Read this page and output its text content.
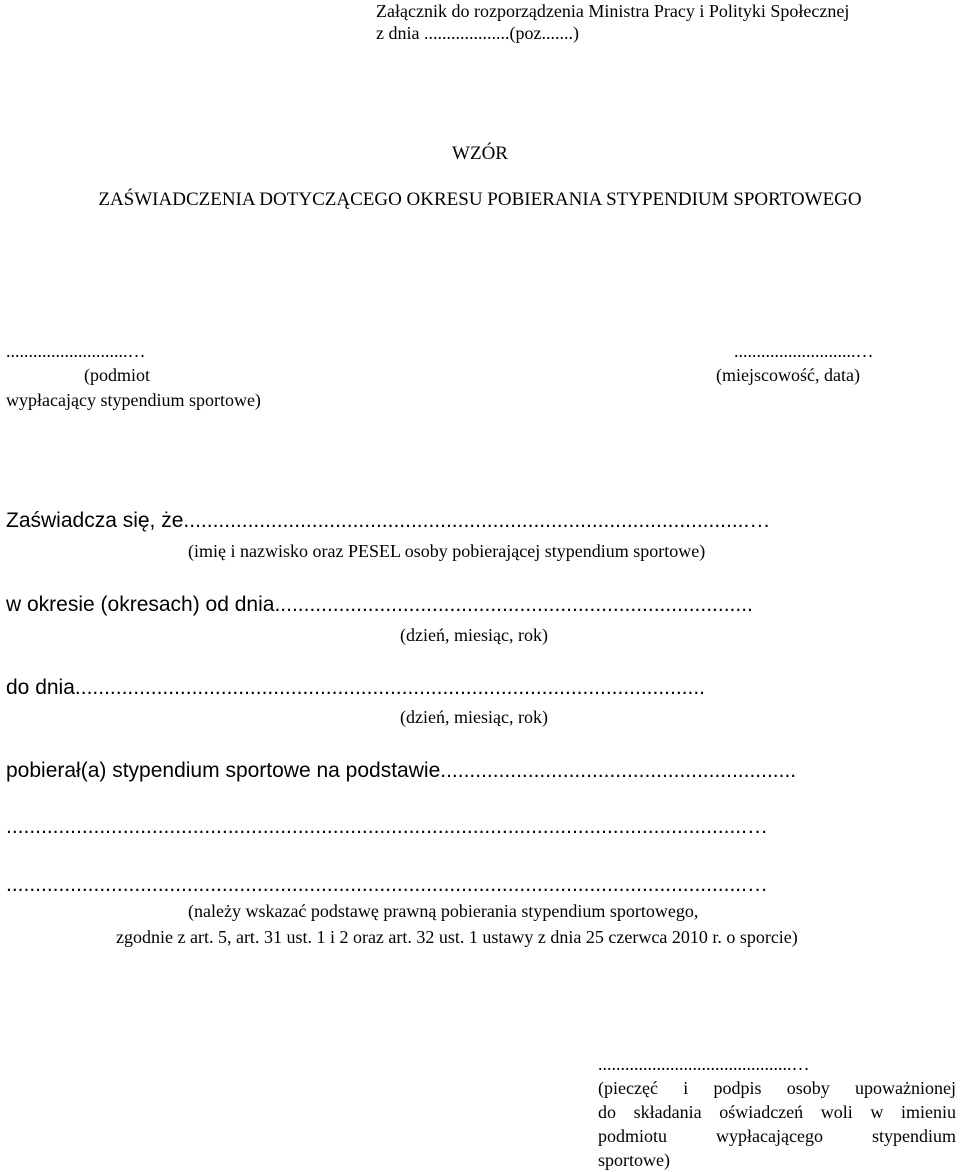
Załącznik do rozporządzenia Ministra Pracy i Polityki Społecznej
z dnia ...................(poz.......)
WZÓR
ZAŚWIADCZENIA DOTYCZĄCEGO OKRESU POBIERANIA STYPENDIUM SPORTOWEGO
...........................…
(podmiot
wypłacający stypendium sportowe)
...........................…
(miejscowość, data)
Zaświadcza się, że.................................................................................................…
(imię i nazwisko oraz PESEL osoby pobierającej stypendium sportowe)
w okresie (okresach) od dnia..................................................................................
(dzień, miesiąc, rok)
do dnia............................................................................................................
(dzień, miesiąc, rok)
pobierał(a) stypendium sportowe na podstawie.............................................................
...............................................................................................................................…
...............................................................................................................................…
(należy wskazać podstawę prawną pobierania stypendium sportowego,
zgodnie z art. 5, art. 31 ust. 1 i 2 oraz art. 32 ust. 1 ustawy z dnia 25 czerwca 2010 r. o sporcie)
...........................................…
(pieczęć i podpis osoby upoważnionej
do składania oświadczeń woli w imieniu
podmiotu wypłacającego stypendium
sportowe)
